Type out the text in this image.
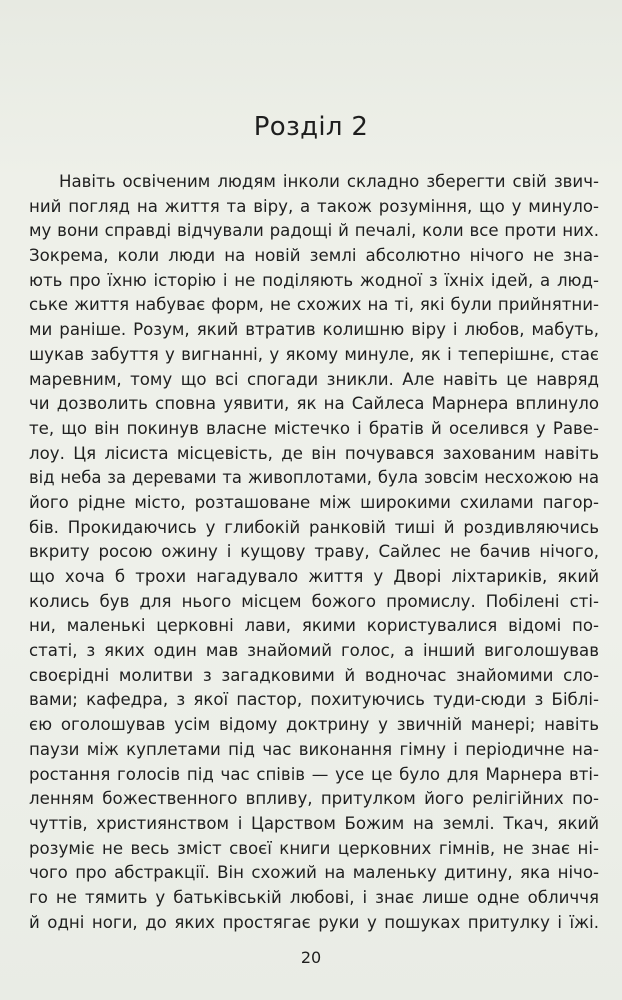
Розділ 2
Навіть освіченим людям інколи складно зберегти свій звич-
ний погляд на життя та віру, а також розуміння, що у минуло-
му вони справді відчували радощі й печалі, коли все проти них.
Зокрема, коли люди на новій землі абсолютно нічого не зна-
ють про їхню історію і не поділяють жодної з їхніх ідей, а люд-
ське життя набуває форм, не схожих на ті, які були прийнятни-
ми раніше. Розум, який втратив колишню віру і любов, мабуть,
шукав забуття у вигнанні, у якому минуле, як і теперішнє, стає
маревним, тому що всі спогади зникли. Але навіть це навряд
чи дозволить сповна уявити, як на Сайлеса Марнера вплинуло
те, що він покинув власне містечко і братів й оселився у Раве-
лоу. Ця лісиста місцевість, де він почувався захованим навіть
від неба за деревами та живоплотами, була зовсім несхожою на
його рідне місто, розташоване між широкими схилами пагор-
бів. Прокидаючись у глибокій ранковій тиші й роздивляючись
вкриту росою ожину і кущову траву, Сайлес не бачив нічого,
що хоча б трохи нагадувало життя у Дворі ліхтариків, який
колись був для нього місцем божого промислу. Побілені сті-
ни, маленькі церковні лави, якими користувалися відомі по-
статі, з яких один мав знайомий голос, а інший виголошував
своєрідні молитви з загадковими й водночас знайомими сло-
вами; кафедра, з якої пастор, похитуючись туди-сюди з Біблі-
єю оголошував усім відому доктрину у звичній манері; навіть
паузи між куплетами під час виконання гімну і періодичне на-
ростання голосів під час співів — усе це було для Марнера вті-
ленням божественного впливу, притулком його релігійних по-
чуттів, християнством і Царством Божим на землі. Ткач, який
розуміє не весь зміст своєї книги церковних гімнів, не знає ні-
чого про абстракції. Він схожий на маленьку дитину, яка нічо-
го не тямить у батьківській любові, і знає лише одне обличчя
й одні ноги, до яких простягає руки у пошуках притулку і їжі.
20
